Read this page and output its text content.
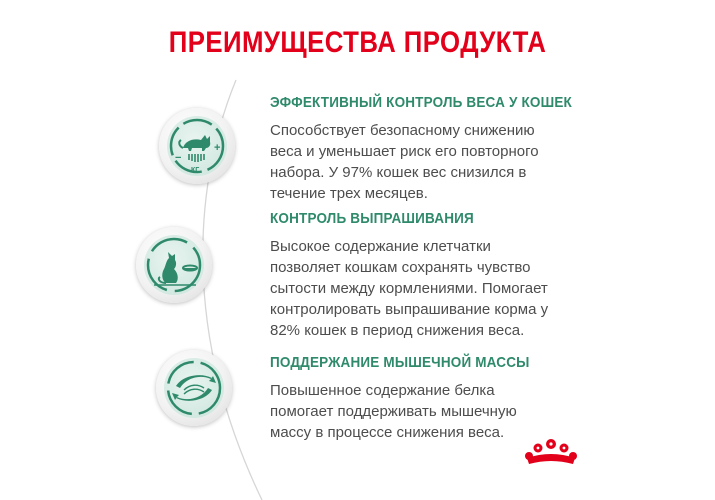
ПРЕИМУЩЕСТВА ПРОДУКТА
−
+
КГ
ЭФФЕКТИВНЫЙ КОНТРОЛЬ ВЕСА У КОШЕК

Способствует безопасному снижению веса и уменьшает риск его повторного набора. У 97% кошек вес снизился в течение трех месяцев.

КОНТРОЛЬ ВЫПРАШИВАНИЯ

Высокое содержание клетчатки позволяет кошкам сохранять чувство сытости между кормлениями. Помогает контролировать выпрашивание корма у 82% кошек в период снижения веса.

ПОДДЕРЖАНИЕ МЫШЕЧНОЙ МАССЫ

Повышенное содержание белка помогает поддерживать мышечную массу в процессе снижения веса.
